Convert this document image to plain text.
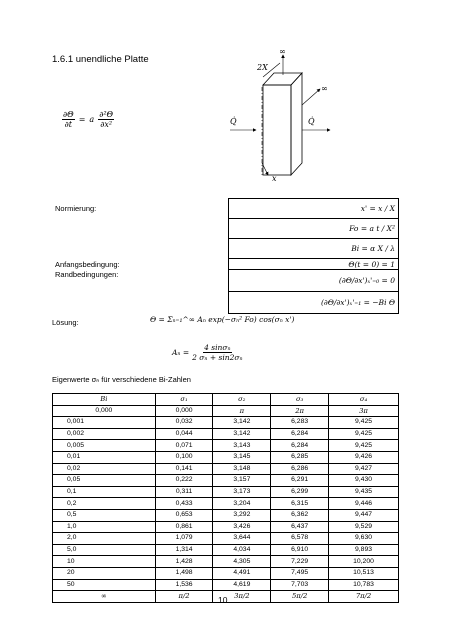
1.6.1 unendliche Platte
$\frac{\partial\Theta}{\partial t} = a \frac{\text{∂²Θ}}{\text{∂x²}}$
2X
∞
∞
Q̇	Q̇
x
Normierung:	x' = x / X
	Fo = a t / X²
	Bi = α X / λ
Anfangsbedingung:	Θ(t = 0) = 1
Randbedingungen:	(∂Θ/∂x')ₓ'₌₀ = 0
	(∂Θ/∂x')ₓ'₌₁ = −Bi Θ
Lösung:	Θ = Σₙ₌₁^∞ Aₙ exp(−σₙ² Fo) cos(σₙ x')
$A_n = \frac{\text{4 sinσₙ}}{\text{2 σₙ + sin2σₙ}}$
Eigenwerte σₙ für verschiedene Bi-Zahlen
Bi	σ₁	σ₂	σ₃	σ₄
0,000	0,000	π	2π	3π
0,001	0,032	3,142	6,283	9,425
0,002	0,044	3,142	6,284	9,425
0,005	0,071	3,143	6,284	9,425
0,01	0,100	3,145	6,285	9,426
0,02	0,141	3,148	6,286	9,427
0,05	0,222	3,157	6,291	9,430
0,1	0,311	3,173	6,299	9,435
0,2	0,433	3,204	6,315	9,446
0,5	0,653	3,292	6,362	9,447
1,0	0,861	3,426	6,437	9,529
2,0	1,079	3,644	6,578	9,630
5,0	1,314	4,034	6,910	9,893
10	1,428	4,305	7,229	10,200
20	1,498	4,491	7,495	10,513
50	1,536	4,619	7,703	10,783
∞	π/2	3π/2	5π/2	7π/2
10
